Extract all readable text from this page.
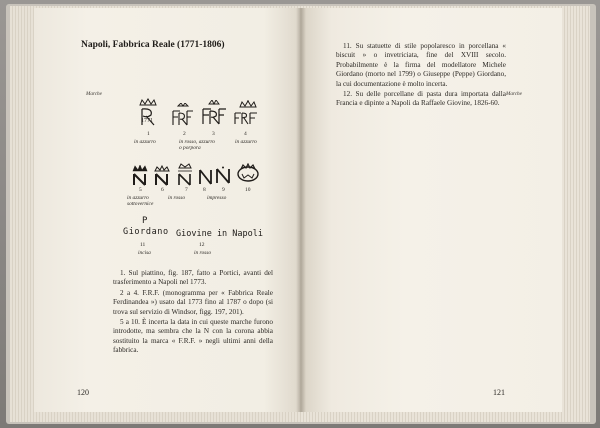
Napoli, Fabbrica Reale (1771-1806)
Marche
1771
1	2	3	4
in azzurro	in rosso, azzurro
o porpora
in azzurro
5	6	7	8	9	10
in azzurro
sottovernice
in rosso	impresso
P
Giordano
11
incisa
Giovine in Napoli
12
in rosso

1. Sul piattino, fig. 187, fatto a Portici, avanti del trasferimento a Napoli nel 1773.

2 a 4. F.R.F. (monogramma per « Fabbrica Reale Ferdinandea ») usato dal 1773 fino al 1787 o dopo (si trova sul servizio di Windsor, figg. 197, 201).

5 a 10. È incerta la data in cui queste marche furono introdotte, ma sembra che la N con la corona abbia sostituito la marca « F.R.F. » negli ultimi anni della fabbrica.

120

11. Su statuette di stile popolaresco in porcellana « biscuit » o invetriciata, fine del XVIII secolo. Probabilmente è la firma del modellatore Michele Giordano (morto nel 1799) o Giuseppe (Peppe) Giordano, la cui documentazione è molto incerta.

12. Su delle porcellane di pasta dura importata dalla Francia e dipinte a Napoli da Raffaele Giovine, 1826-60.

Marche
121
